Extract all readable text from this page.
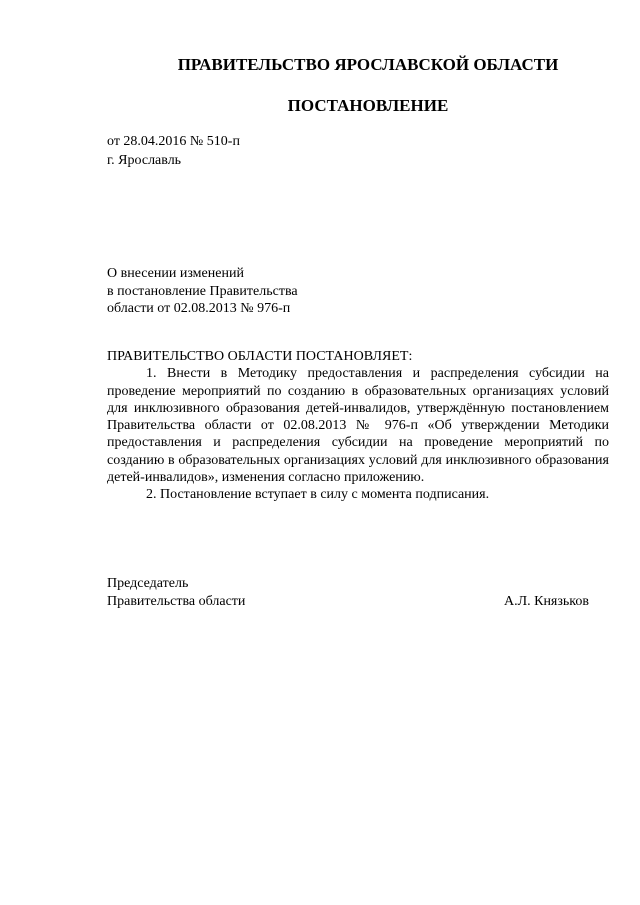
ПРАВИТЕЛЬСТВО ЯРОСЛАВСКОЙ ОБЛАСТИ
ПОСТАНОВЛЕНИЕ
от 28.04.2016 № 510-п
г. Ярославль
О внесении изменений
в постановление Правительства
области от 02.08.2013 № 976-п

ПРАВИТЕЛЬСТВО ОБЛАСТИ ПОСТАНОВЛЯЕТ:

1. Внести в Методику предоставления и распределения субсидии на проведение мероприятий по созданию в образовательных организациях условий для инклюзивного образования детей-инвалидов, утверждённую постановлением Правительства области от 02.08.2013 № 976-п «Об утверждении Методики предоставления и распределения субсидии на проведение мероприятий по созданию в образовательных организациях условий для инклюзивного образования детей-инвалидов», изменения согласно приложению.

2. Постановление вступает в силу с момента подписания.

Председатель
Правительства области	А.Л. Князьков
